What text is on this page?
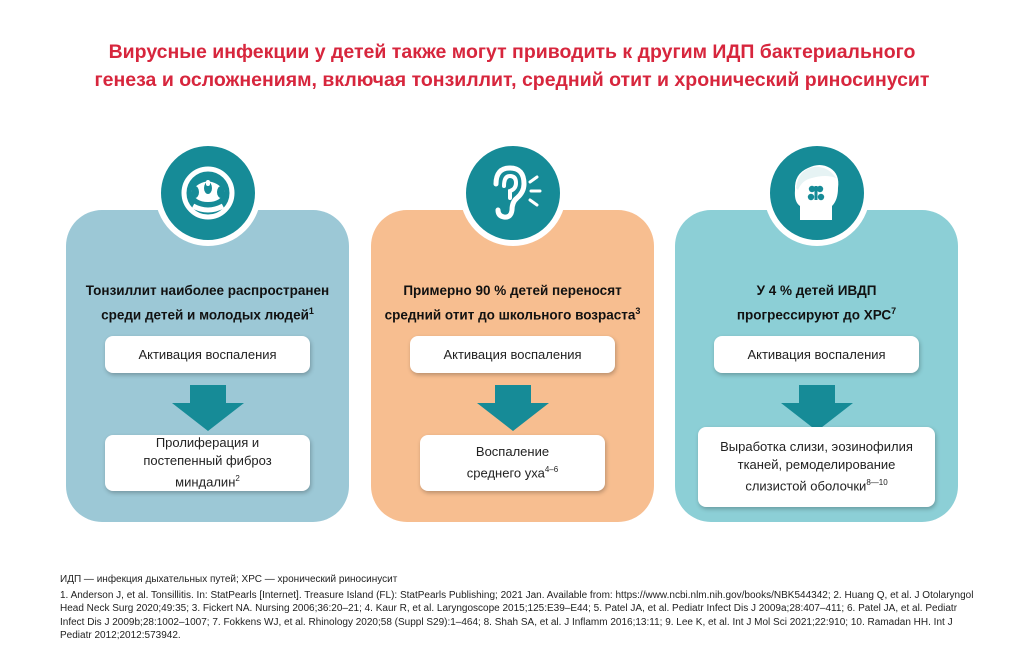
Вирусные инфекции у детей также могут приводить к другим ИДП бактериального
генеза и осложнениям, включая тонзиллит, средний отит и хронический риносинусит
Тонзиллит наиболее распространен среди детей и молодых людей$^1$
Активация воспаления
Пролиферация и постепенный фиброз миндалин$^2$
Примерно 90 % детей переносят средний отит до школьного возраста$^3$
Активация воспаления
Воспаление среднего уха$^{4-6}$
У 4 % детей ИВДП прогрессируют до ХРС$^7$
Активация воспаления
Выработка слизи, эозинофилия тканей, ремоделирование слизистой оболочки$^{8—10}$

ИДП — инфекция дыхательных путей; ХРС — хронический риносинусит

1. Anderson J, et al. Tonsillitis. In: StatPearls [Internet]. Treasure Island (FL): StatPearls Publishing; 2021 Jan. Available from: https://www.ncbi.nlm.nih.gov/books/NBK544342; 2. Huang Q, et al. J Otolaryngol Head Neck Surg 2020;49:35; 3. Fickert NA. Nursing 2006;36:20–21; 4. Kaur R, et al. Laryngoscope 2015;125:E39–E44; 5. Patel JA, et al. Pediatr Infect Dis J 2009a;28:407–411; 6. Patel JA, et al. Pediatr Infect Dis J 2009b;28:1002–1007; 7. Fokkens WJ, et al. Rhinology 2020;58 (Suppl S29):1–464; 8. Shah SA, et al. J Inflamm 2016;13:11; 9. Lee K, et al. Int J Mol Sci 2021;22:910; 10. Ramadan HH. Int J Pediatr 2012;2012:573942.
